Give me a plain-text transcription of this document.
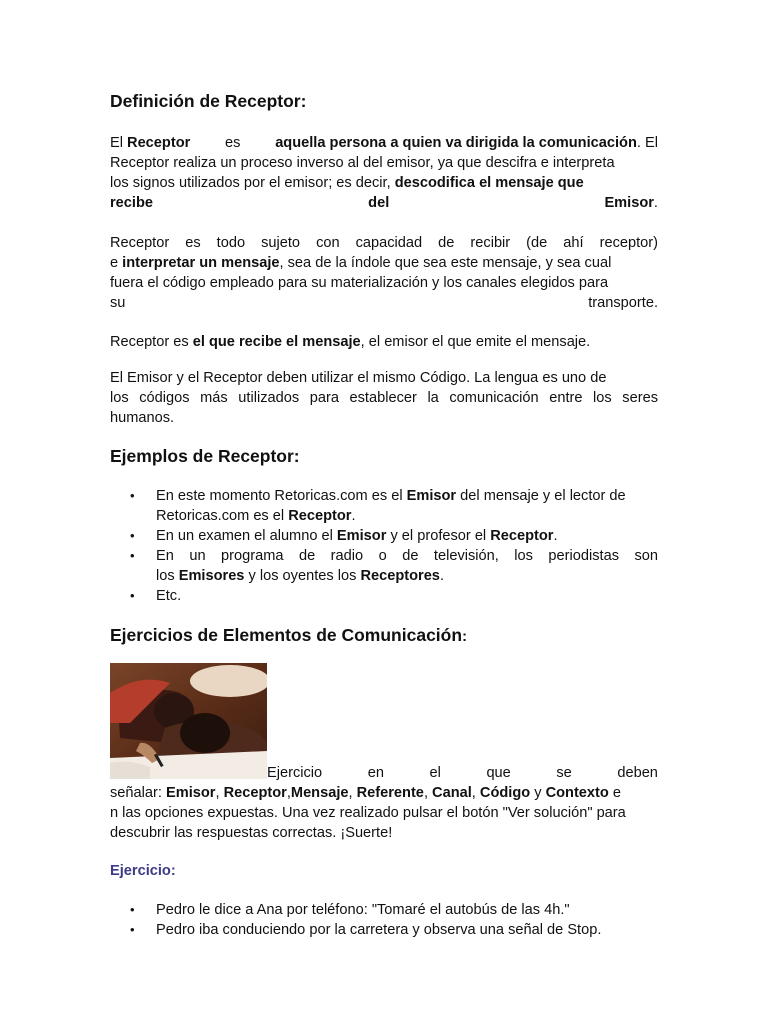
Definición de Receptor:
El Receptor es aquella persona a quien va dirigida la comunicación. El
Receptor realiza un proceso inverso al del emisor, ya que descifra e interpreta
los signos utilizados por el emisor; es decir, descodifica el mensaje que
recibe	del	Emisor.
Receptor es todo sujeto con capacidad de recibir (de ahí receptor)
e interpretar un mensaje, sea de la índole que sea este mensaje, y sea cual
fuera el código empleado para su materialización y los canales elegidos para
su	transporte.
Receptor es el que recibe el mensaje, el emisor el que emite el mensaje.
El Emisor y el Receptor deben utilizar el mismo Código. La lengua es uno de
los códigos más utilizados para establecer la comunicación entre los seres
humanos.
Ejemplos de Receptor:
• En este momento Retoricas.com es el Emisor del mensaje y el lector de
Retoricas.com es el Receptor.
• En un examen el alumno el Emisor y el profesor el Receptor.
• En un programa de radio o de televisión, los periodistas son
los Emisores y los oyentes los Receptores.
• Etc.
Ejercicios de Elementos de Comunicación:
Ejercicio	en	el	que	se	deben
señalar: Emisor, Receptor,Mensaje, Referente, Canal, Código y Contexto e
n las opciones expuestas. Una vez realizado pulsar el botón "Ver solución" para
descubrir las respuestas correctas. ¡Suerte!
Ejercicio:
• Pedro le dice a Ana por teléfono: "Tomaré el autobús de las 4h."
• Pedro iba conduciendo por la carretera y observa una señal de Stop.
